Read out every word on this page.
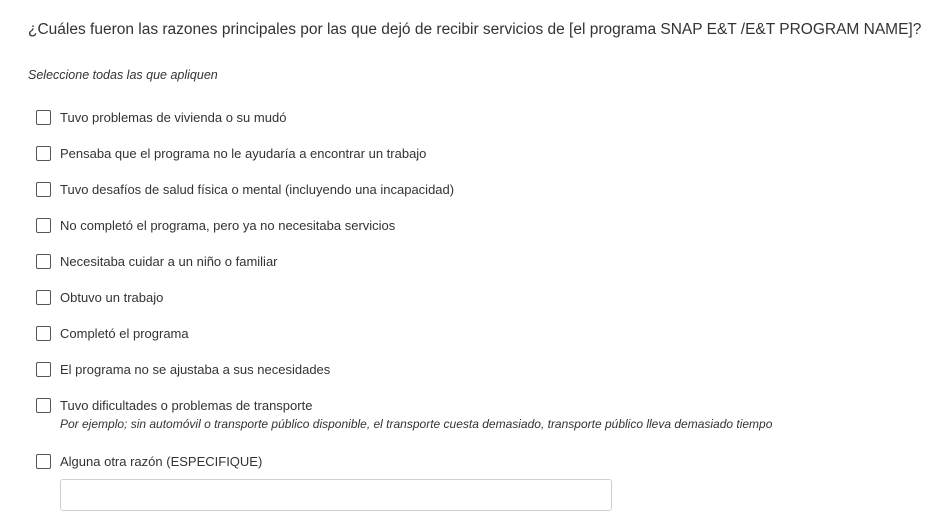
¿Cuáles fueron las razones principales por las que dejó de recibir servicios de [el programa SNAP E&T /E&T PROGRAM NAME]?
Seleccione todas las que apliquen
Tuvo problemas de vivienda o su mudó
Pensaba que el programa no le ayudaría a encontrar un trabajo
Tuvo desafíos de salud física o mental (incluyendo una incapacidad)
No completó el programa, pero ya no necesitaba servicios
Necesitaba cuidar a un niño o familiar
Obtuvo un trabajo
Completó el programa
El programa no se ajustaba a sus necesidades
Tuvo dificultades o problemas de transporte
Por ejemplo; sin automóvil o transporte público disponible, el transporte cuesta demasiado, transporte público lleva demasiado tiempo
Alguna otra razón (ESPECIFIQUE)
